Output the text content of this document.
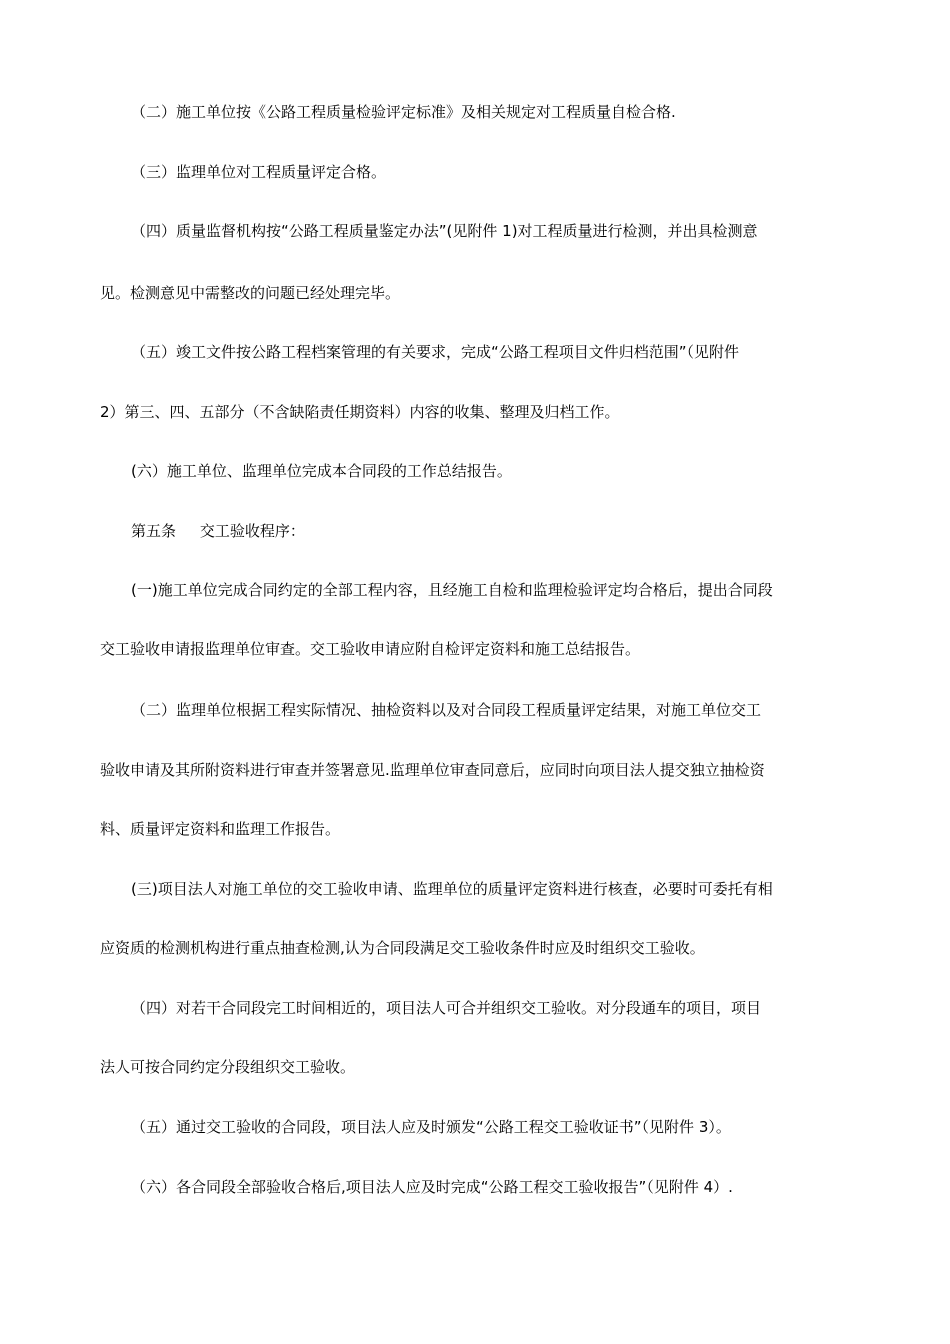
（二）施工单位按《公路工程质量检验评定标准》及相关规定对工程质量自检合格.
（三）监理单位对工程质量评定合格。
（四）质量监督机构按“公路工程质量鉴定办法”(见附件 1)对工程质量进行检测，并出具检测意
见。检测意见中需整改的问题已经处理完毕。
（五）竣工文件按公路工程档案管理的有关要求，完成“公路工程项目文件归档范围”（见附件
2）第三、四、五部分（不含缺陷责任期资料）内容的收集、整理及归档工作。
(六）施工单位、监理单位完成本合同段的工作总结报告。
第五条     交工验收程序：
(一)施工单位完成合同约定的全部工程内容，且经施工自检和监理检验评定均合格后，提出合同段
交工验收申请报监理单位审查。交工验收申请应附自检评定资料和施工总结报告。
（二）监理单位根据工程实际情况、抽检资料以及对合同段工程质量评定结果，对施工单位交工
验收申请及其所附资料进行审查并签署意见.监理单位审查同意后，应同时向项目法人提交独立抽检资
料、质量评定资料和监理工作报告。
(三)项目法人对施工单位的交工验收申请、监理单位的质量评定资料进行核查，必要时可委托有相
应资质的检测机构进行重点抽查检测,认为合同段满足交工验收条件时应及时组织交工验收。
（四）对若干合同段完工时间相近的，项目法人可合并组织交工验收。对分段通车的项目，项目
法人可按合同约定分段组织交工验收。
（五）通过交工验收的合同段，项目法人应及时颁发“公路工程交工验收证书”（见附件 3）。
（六）各合同段全部验收合格后,项目法人应及时完成“公路工程交工验收报告”（见附件 4）.
